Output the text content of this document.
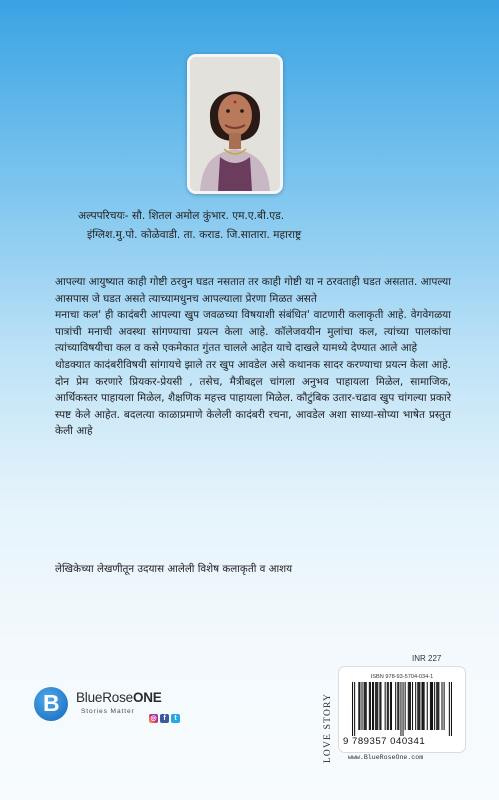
अल्पपरिचयः- सौ. शितल अमोल कुंभार. एम.ए.बी.एड.
इंग्लिश.मु.पो. कोळेवाडी. ता. कराड. जि.सातारा. महाराष्ट्र

आपल्या आयुष्यात काही गोष्टी ठरवुन घडत नसतात तर काही गोष्टी या न ठरवताही घडत असतात. आपल्या आसपास जे घडत असते त्याच्यामधुनच आपल्याला प्रेरणा मिळत असते

मनाचा कल' ही कादंबरी आपल्या खुप जवळच्या विषयाशी संबंधित' वाटणारी कलाकृती आहे. वेगवेगळया पात्रांची मनाची अवस्था सांगण्याचा प्रयत्न केला आहे. कॉलेजवयीन मुलांचा कल, त्यांच्या पालकांचा त्यांच्याविषयीचा कल व कसे एकमेकात गुंतत चालले आहेत याचे दाखले यामध्ये देण्यात आले आहे

थोडक्यात कादंबरीविषयी सांगायचे झाले तर खुप आवडेल असे कथानक सादर करण्याचा प्रयत्न केला आहे. दोन प्रेम करणारे प्रियकर-प्रेयसी , तसेच, मैत्रीबद्दल चांगला अनुभव पाहायला मिळेल, सामाजिक, आर्थिकस्तर पाहायला मिळेल, शैक्षणिक महत्त्व पाहायला मिळेल. कौटुंबिक उतार-चढाव खुप चांगल्या प्रकारे स्पष्ट केले आहेत. बदलत्या काळाप्रमाणे केलेली कादंबरी रचना, आवडेल अशा साध्या-सोप्या भाषेत प्रस्तुत केली आहे

लेखिकेच्या लेखणीतून उदयास आलेली विशेष कलाकृती व आशय
INR 227
B BlueRoseONE
Stories Matter
◎ f	t	LOVE STORY
ISBN 978-93-5704-034-1
9 789357 040341
www.BlueRoseOne.com
